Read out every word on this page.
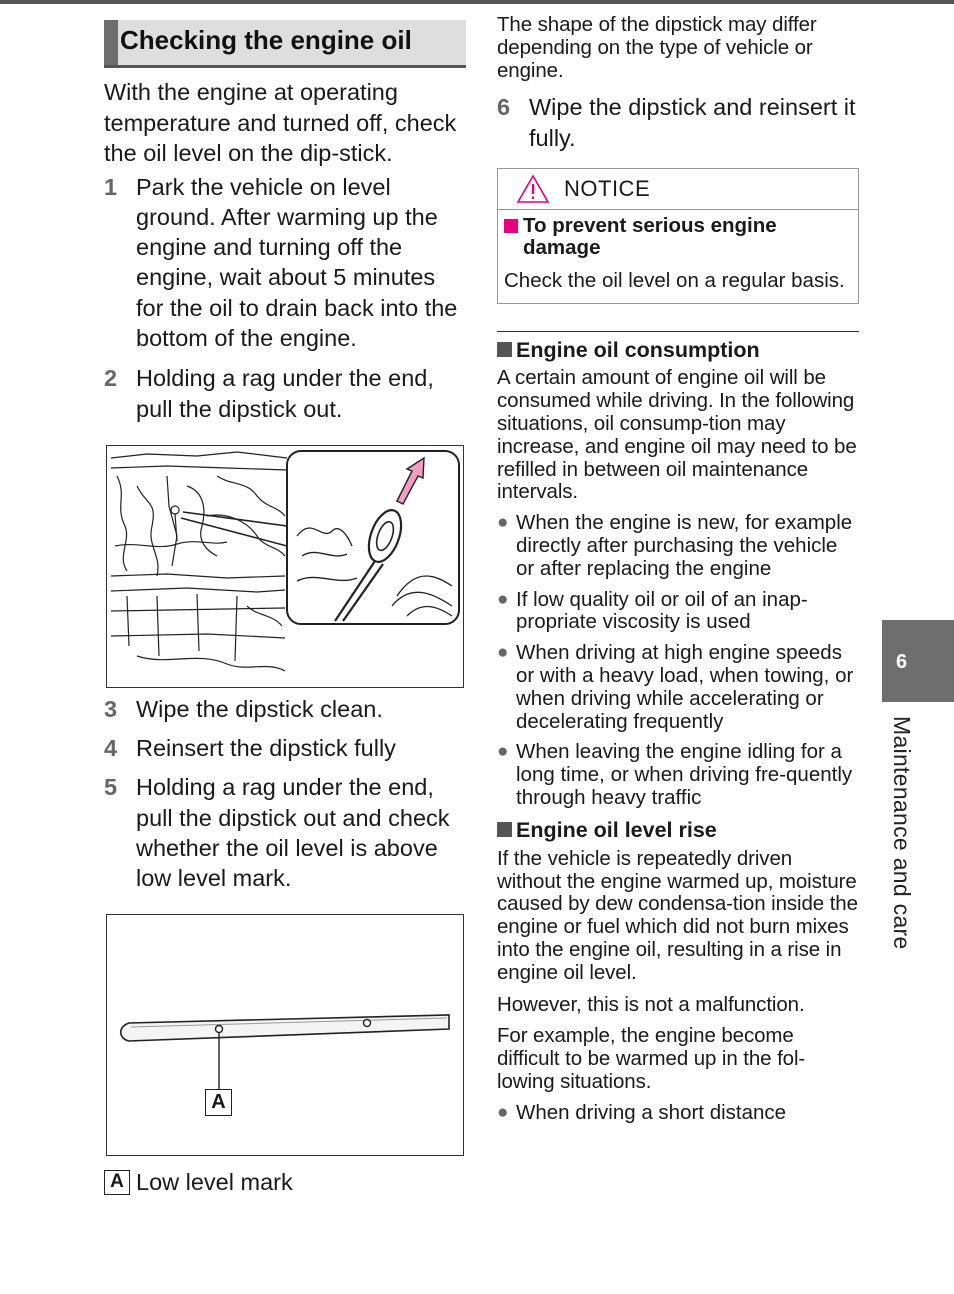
Checking the engine oil

With the engine at operating temperature and turned off, check the oil level on the dip-stick.

1 Park the vehicle on level ground. After warming up the engine and turning off the engine, wait about 5 minutes for the oil to drain back into the bottom of the engine.
2 Holding a rag under the end, pull the dipstick out.
3 Wipe the dipstick clean.
4 Reinsert the dipstick fully
5 Holding a rag under the end, pull the dipstick out and check whether the oil level is above low level mark.
A
A Low level mark

The shape of the dipstick may differ depending on the type of vehicle or engine.

6 Wipe the dipstick and reinsert it fully.
NOTICE
To prevent serious engine damage

Check the oil level on a regular basis.

Engine oil consumption

A certain amount of engine oil will be consumed while driving. In the following situations, oil consump-tion may increase, and engine oil may need to be refilled in between oil maintenance intervals.

● When the engine is new, for example directly after purchasing the vehicle or after replacing the engine
● If low quality oil or oil of an inap-propriate viscosity is used
● When driving at high engine speeds or with a heavy load, when towing, or when driving while accelerating or decelerating frequently
● When leaving the engine idling for a long time, or when driving fre-quently through heavy traffic
Engine oil level rise

If the vehicle is repeatedly driven without the engine warmed up, moisture caused by dew condensa-tion inside the engine or fuel which did not burn mixes into the engine oil, resulting in a rise in engine oil level.

However, this is not a malfunction.

For example, the engine become difficult to be warmed up in the fol-lowing situations.

● When driving a short distance
6
Maintenance and care
